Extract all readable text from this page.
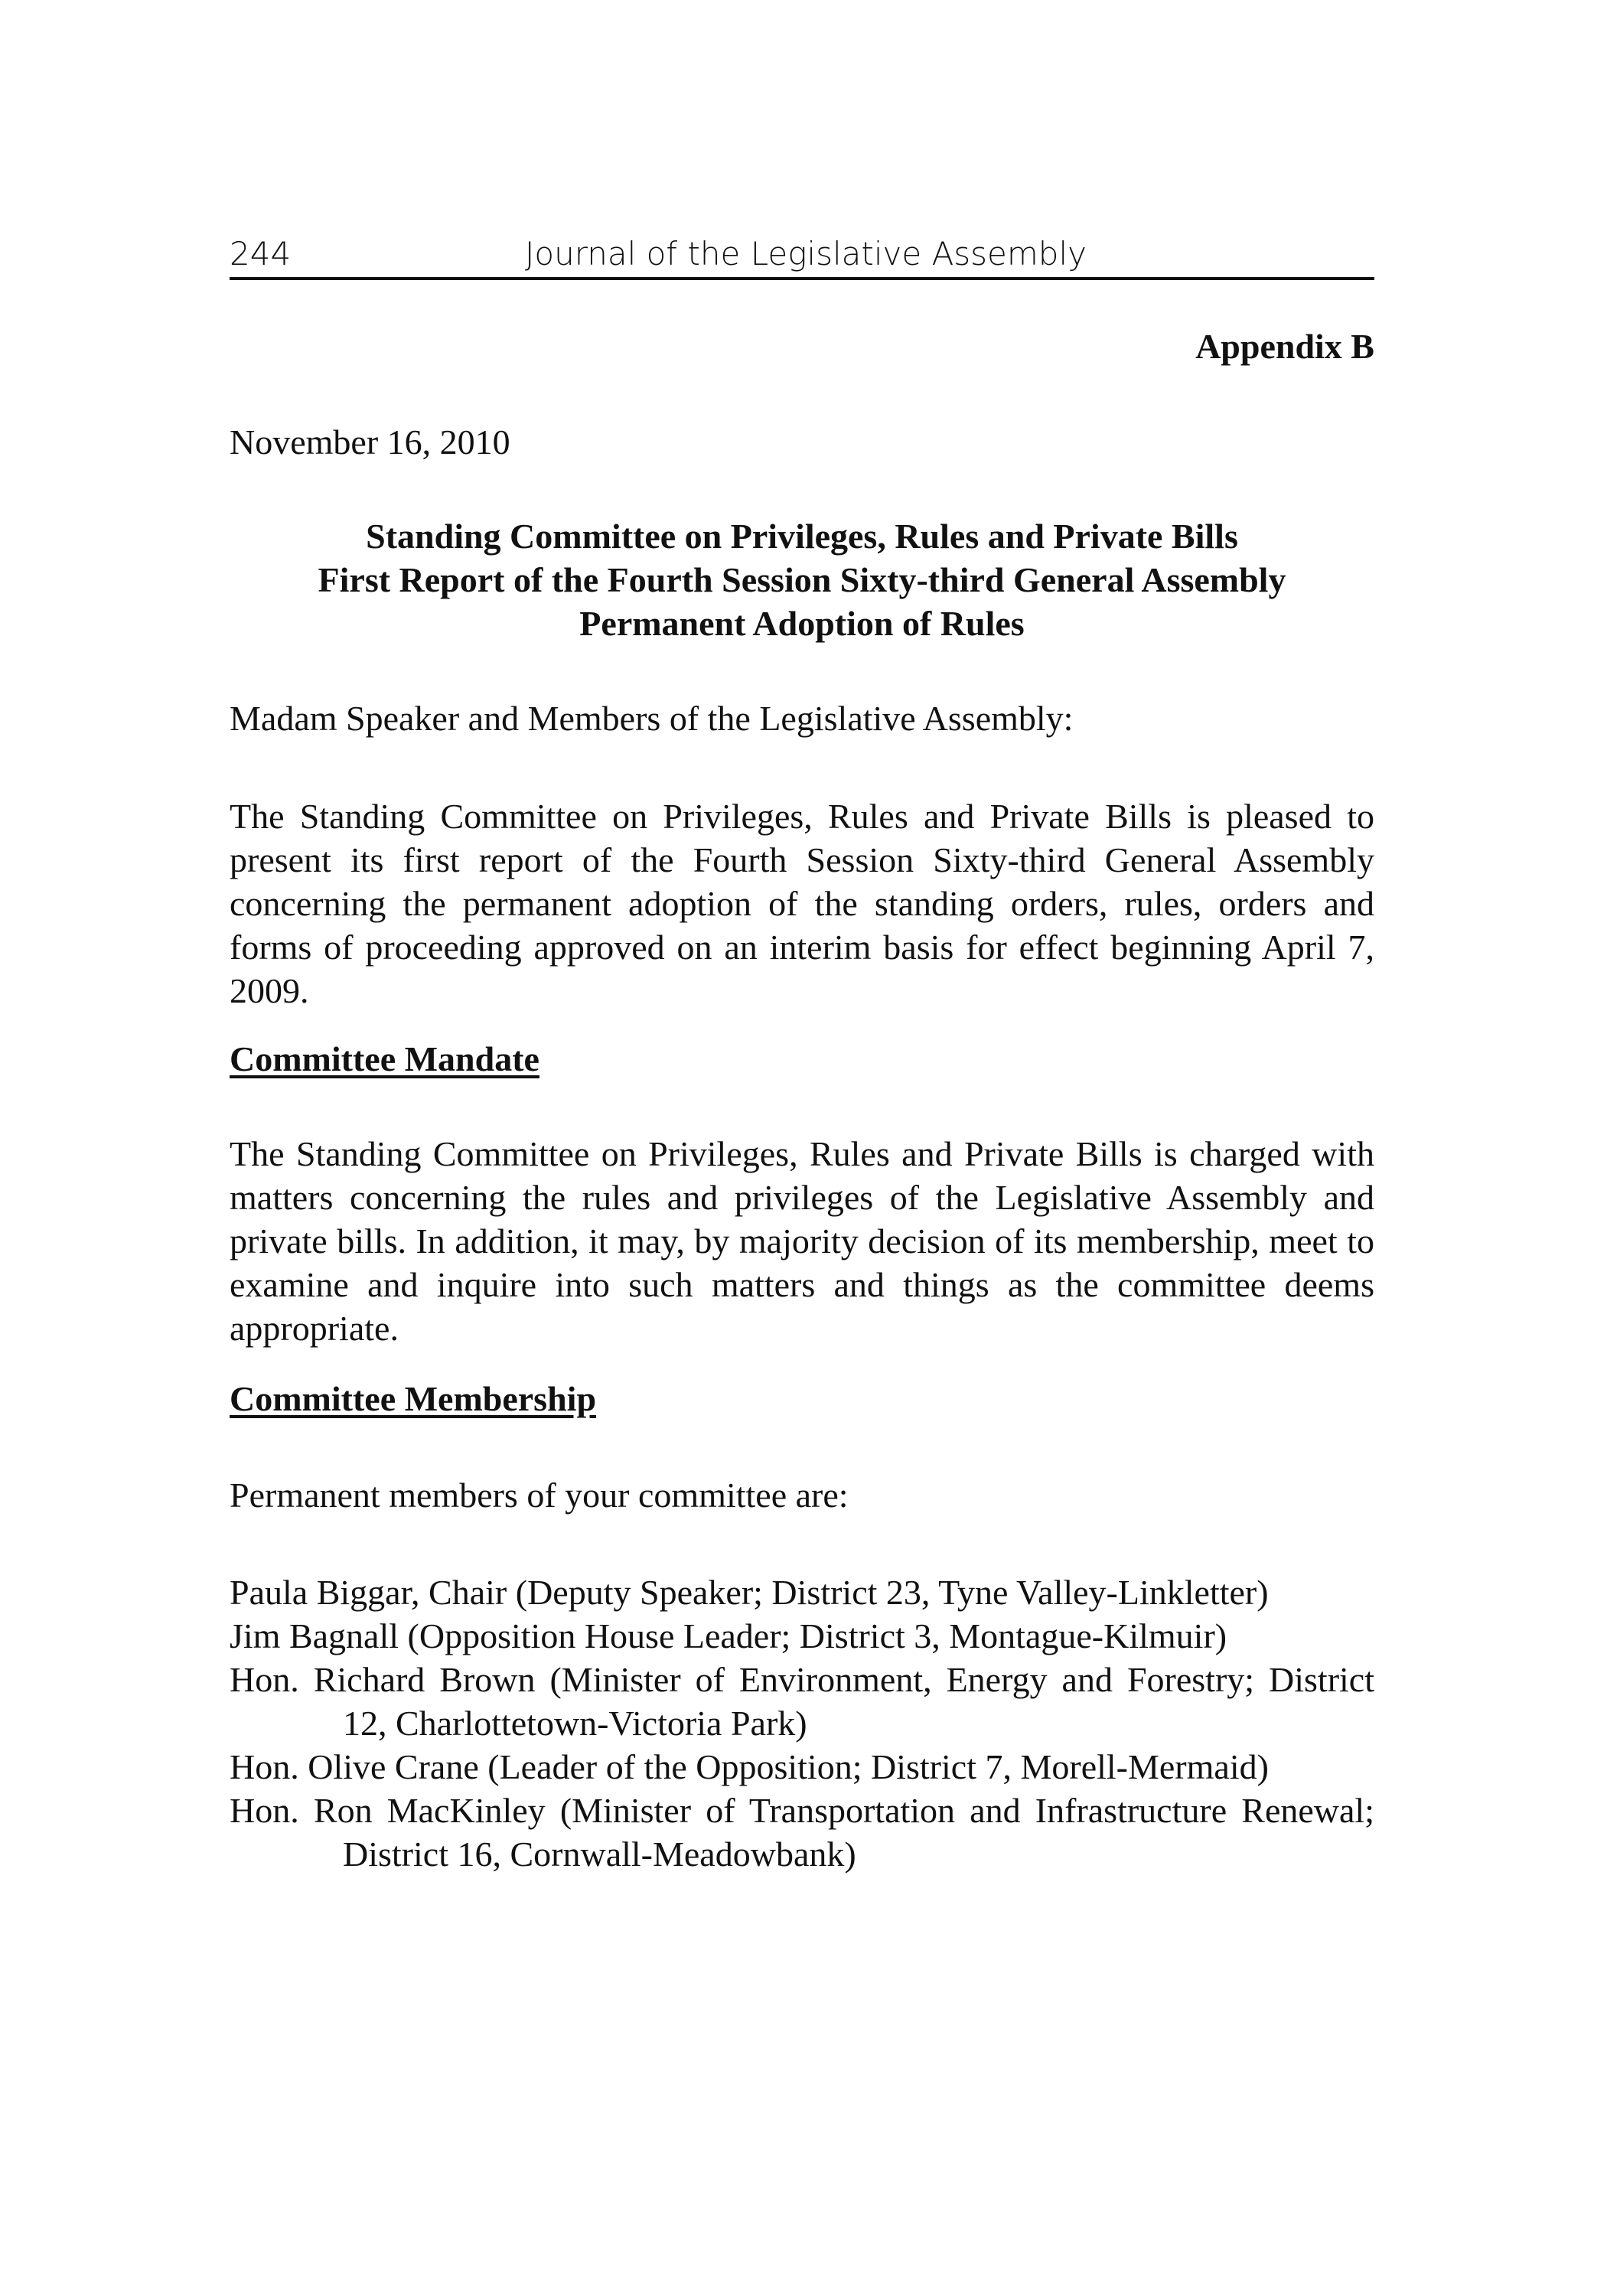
244	Journal of the Legislative Assembly
Appendix B
November 16, 2010
Standing Committee on Privileges, Rules and Private Bills
First Report of the Fourth Session Sixty-third General Assembly
Permanent Adoption of Rules
Madam Speaker and Members of the Legislative Assembly:
The Standing Committee on Privileges, Rules and Private Bills is pleased to present its first report of the Fourth Session Sixty-third General Assembly concerning the permanent adoption of the standing orders, rules, orders and forms of proceeding approved on an interim basis for effect beginning April 7, 2009.
Committee Mandate
The Standing Committee on Privileges, Rules and Private Bills is charged with matters concerning the rules and privileges of the Legislative Assembly and private bills. In addition, it may, by majority decision of its membership, meet to examine and inquire into such matters and things as the committee deems appropriate.
Committee Membership
Permanent members of your committee are:
Paula Biggar, Chair (Deputy Speaker; District 23, Tyne Valley-Linkletter)
Jim Bagnall (Opposition House Leader; District 3, Montague-Kilmuir)
Hon. Richard Brown (Minister of Environment, Energy and Forestry; District 12, Charlottetown-Victoria Park)
Hon. Olive Crane (Leader of the Opposition; District 7, Morell-Mermaid)
Hon. Ron MacKinley (Minister of Transportation and Infrastructure Renewal; District 16, Cornwall-Meadowbank)
